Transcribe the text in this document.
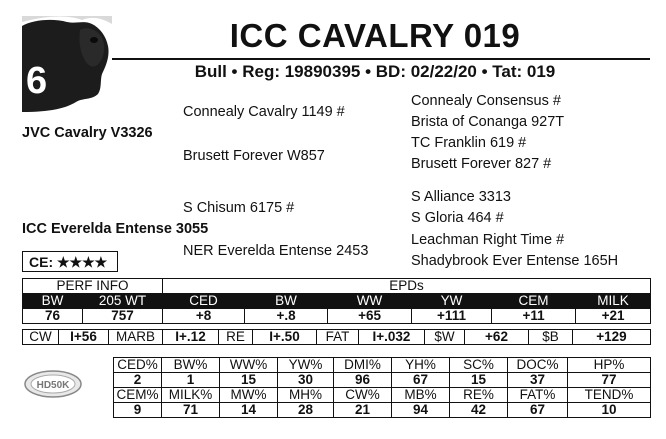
6
ICC CAVALRY 019
Bull • Reg: 19890395 • BD: 02/22/20 • Tat: 019
JVC Cavalry V3326
Connealy Cavalry 1149 #
Brusett Forever W857
Connealy Consensus #
Brista of Conanga 927T
TC Franklin 619 #
Brusett Forever 827 #
ICC Everelda Entense 3055
S Chisum 6175 #
NER Everelda Entense 2453
S Alliance 3313
S Gloria 464 #
Leachman Right Time #
Shadybrook Ever Entense 165H
CE: ★★★★
PERF INFO		EPDs					
BW	205 WT	CED	BW	WW	YW	CEM	MILK
76	757	+8	+.8	+65	+111	+11	+21
CW	I+56	MARB	I+.12	RE	I+.50	FAT	I+.032	$W	+62	$B	+129
HD50K
CED%	BW%	WW%	YW%	DMI%	YH%	SC%	DOC%	HP%
2	1	15	30	96	67	15	37	77
CEM%	MILK%	MW%	MH%	CW%	MB%	RE%	FAT%	TEND%
9	71	14	28	21	94	42	67	10
